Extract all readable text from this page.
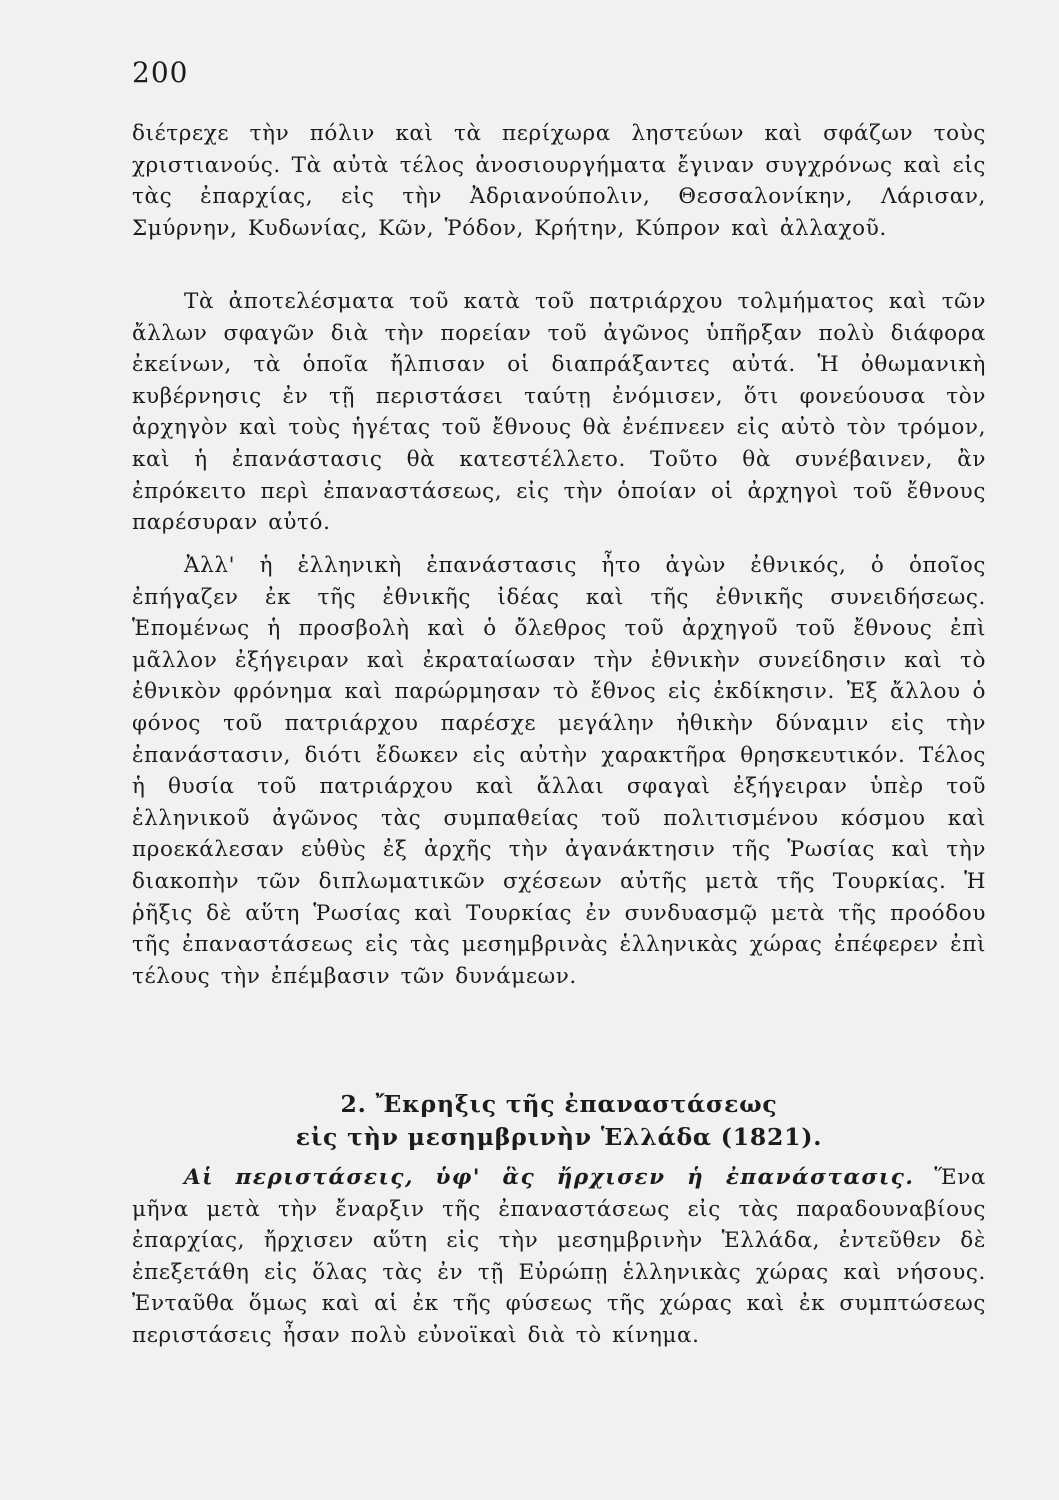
200

διέτρεχε τὴν πόλιν καὶ τὰ περίχωρα ληστεύων καὶ σφάζων τοὺς χριστιανούς. Τὰ αὐτὰ τέλος ἀνοσιουργήματα ἔγιναν συγχρόνως καὶ εἰς τὰς ἐπαρχίας, εἰς τὴν Ἀδριανούπολιν, Θεσσαλονίκην, Λάρισαν, Σμύρνην, Κυδωνίας, Κῶν, Ῥόδον, Κρήτην, Κύπρον καὶ ἀλλαχοῦ.

Τὰ ἀποτελέσματα τοῦ κατὰ τοῦ πατριάρχου τολμήματος καὶ τῶν ἄλλων σφαγῶν διὰ τὴν πορείαν τοῦ ἀγῶνος ὑπῆρξαν πολὺ διάφορα ἐκείνων, τὰ ὁποῖα ἤλπισαν οἱ διαπράξαντες αὐτά. Ἡ ὀθωμανικὴ κυβέρνησις ἐν τῇ περιστάσει ταύτῃ ἐνόμισεν, ὅτι φονεύουσα τὸν ἀρχηγὸν καὶ τοὺς ἡγέτας τοῦ ἔθνους θὰ ἐνέπνεεν εἰς αὐτὸ τὸν τρόμον, καὶ ἡ ἐπανάστασις θὰ κατεστέλλετο. Τοῦτο θὰ συνέβαινεν, ἂν ἐπρόκειτο περὶ ἐπαναστάσεως, εἰς τὴν ὁποίαν οἱ ἀρχηγοὶ τοῦ ἔθνους παρέσυραν αὐτό.

Ἀλλ' ἡ ἑλληνικὴ ἐπανάστασις ἦτο ἀγὼν ἐθνικός, ὁ ὁποῖος ἐπήγαζεν ἐκ τῆς ἐθνικῆς ἰδέας καὶ τῆς ἐθνικῆς συνειδήσεως. Ἑπομένως ἡ προσβολὴ καὶ ὁ ὄλεθρος τοῦ ἀρχηγοῦ τοῦ ἔθνους ἐπὶ μᾶλλον ἐξήγειραν καὶ ἐκραταίωσαν τὴν ἐθνικὴν συνείδησιν καὶ τὸ ἐθνικὸν φρόνημα καὶ παρώρμησαν τὸ ἔθνος εἰς ἐκδίκησιν. Ἐξ ἄλλου ὁ φόνος τοῦ πατριάρχου παρέσχε μεγάλην ἠθικὴν δύναμιν εἰς τὴν ἐπανάστασιν, διότι ἔδωκεν εἰς αὐτὴν χαρακτῆρα θρησκευτικόν. Τέλος ἡ θυσία τοῦ πατριάρχου καὶ ἄλλαι σφαγαὶ ἐξήγειραν ὑπὲρ τοῦ ἑλληνικοῦ ἀγῶνος τὰς συμπαθείας τοῦ πολιτισμένου κόσμου καὶ προεκάλεσαν εὐθὺς ἐξ ἀρχῆς τὴν ἀγανάκτησιν τῆς Ῥωσίας καὶ τὴν διακοπὴν τῶν διπλωματικῶν σχέσεων αὐτῆς μετὰ τῆς Τουρκίας. Ἡ ῥῆξις δὲ αὕτη Ῥωσίας καὶ Τουρκίας ἐν συνδυασμῷ μετὰ τῆς προόδου τῆς ἐπαναστάσεως εἰς τὰς μεσημβρινὰς ἑλληνικὰς χώρας ἐπέφερεν ἐπὶ τέλους τὴν ἐπέμβασιν τῶν δυνάμεων.

2. Ἔκρηξις τῆς ἐπαναστάσεως
εἰς τὴν μεσημβρινὴν Ἑλλάδα (1821).

Αἱ περιστάσεις, ὑφ' ἃς ἤρχισεν ἡ ἐπανάστασις. Ἕνα μῆνα μετὰ τὴν ἔναρξιν τῆς ἐπαναστάσεως εἰς τὰς παραδουναβίους ἐπαρχίας, ἤρχισεν αὕτη εἰς τὴν μεσημβρινὴν Ἑλλάδα, ἐντεῦθεν δὲ ἐπεξετάθη εἰς ὅλας τὰς ἐν τῇ Εὐρώπῃ ἑλληνικὰς χώρας καὶ νήσους. Ἐνταῦθα ὅμως καὶ αἱ ἐκ τῆς φύσεως τῆς χώρας καὶ ἐκ συμπτώσεως περιστάσεις ἦσαν πολὺ εὐνοϊκαὶ διὰ τὸ κίνημα.
